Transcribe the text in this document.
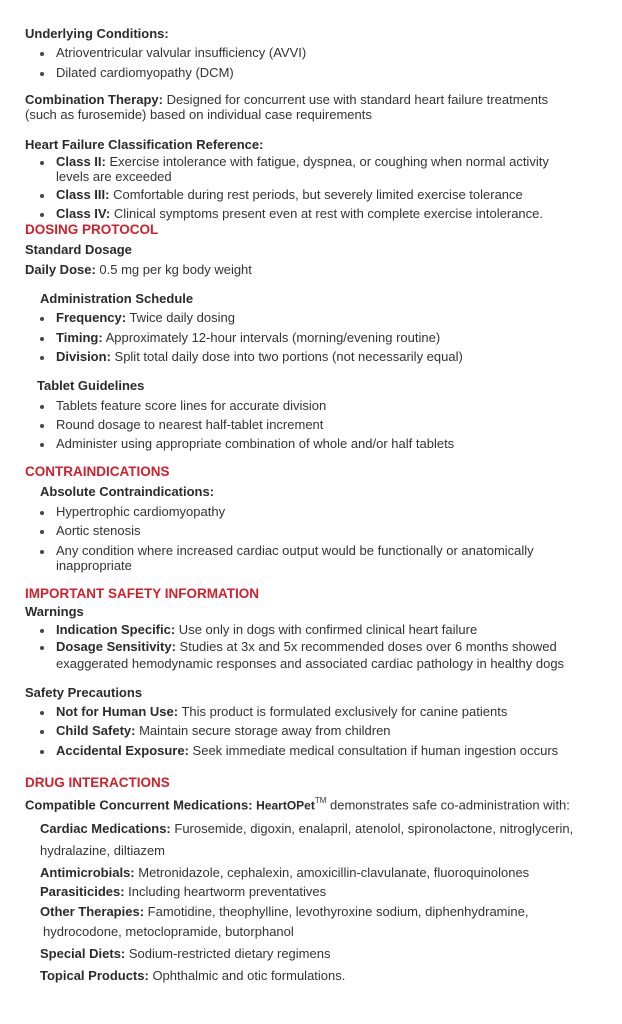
Underlying Conditions:
Atrioventricular valvular insufficiency (AVVI)
Dilated cardiomyopathy (DCM)
Combination Therapy: Designed for concurrent use with standard heart failure treatments
(such as furosemide) based on individual case requirements
Heart Failure Classification Reference:
Class II: Exercise intolerance with fatigue, dyspnea, or coughing when normal activity
levels are exceeded
Class III: Comfortable during rest periods, but severely limited exercise tolerance
Class IV: Clinical symptoms present even at rest with complete exercise intolerance.
DOSING PROTOCOL
Standard Dosage
Daily Dose: 0.5 mg per kg body weight
Administration Schedule
Frequency: Twice daily dosing
Timing: Approximately 12-hour intervals (morning/evening routine)
Division: Split total daily dose into two portions (not necessarily equal)
Tablet Guidelines
Tablets feature score lines for accurate division
Round dosage to nearest half-tablet increment
Administer using appropriate combination of whole and/or half tablets
CONTRAINDICATIONS
Absolute Contraindications:
Hypertrophic cardiomyopathy
Aortic stenosis
Any condition where increased cardiac output would be functionally or anatomically
inappropriate
IMPORTANT SAFETY INFORMATION
Warnings
Indication Specific: Use only in dogs with confirmed clinical heart failure
Dosage Sensitivity: Studies at 3x and 5x recommended doses over 6 months showed
exaggerated hemodynamic responses and associated cardiac pathology in healthy dogs
Safety Precautions
Not for Human Use: This product is formulated exclusively for canine patients
Child Safety: Maintain secure storage away from children
Accidental Exposure: Seek immediate medical consultation if human ingestion occurs
DRUG INTERACTIONS
Compatible Concurrent Medications: HeartOPet™ demonstrates safe co-administration with:
Cardiac Medications: Furosemide, digoxin, enalapril, atenolol, spironolactone, nitroglycerin,
hydralazine, diltiazem
Antimicrobials: Metronidazole, cephalexin, amoxicillin-clavulanate, fluoroquinolones
Parasiticides: Including heartworm preventatives
Other Therapies: Famotidine, theophylline, levothyroxine sodium, diphenhydramine,
hydrocodone, metoclopramide, butorphanol
Special Diets: Sodium-restricted dietary regimens
Topical Products: Ophthalmic and otic formulations.
